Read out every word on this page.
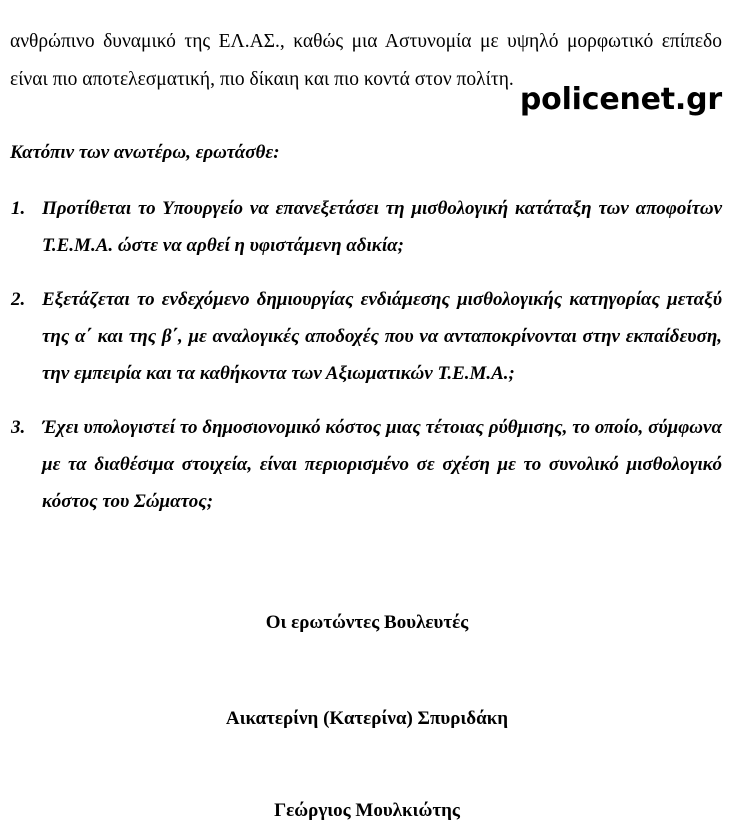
ανθρώπινο δυναμικό της ΕΛ.ΑΣ., καθώς μια Αστυνομία με υψηλό μορφωτικό επίπεδο είναι πιο αποτελεσματική, πιο δίκαιη και πιο κοντά στον πολίτη.

policenet.gr
Κατόπιν των ανωτέρω, ερωτάσθε:
1. Προτίθεται το Υπουργείο να επανεξετάσει τη μισθολογική κατάταξη των αποφοίτων Τ.Ε.Μ.Α. ώστε να αρθεί η υφιστάμενη αδικία;
2. Εξετάζεται το ενδεχόμενο δημιουργίας ενδιάμεσης μισθολογικής κατηγορίας μεταξύ της α΄ και της β΄, με αναλογικές αποδοχές που να ανταποκρίνονται στην εκπαίδευση, την εμπειρία και τα καθήκοντα των Αξιωματικών Τ.Ε.Μ.Α.;
3. Έχει υπολογιστεί το δημοσιονομικό κόστος μιας τέτοιας ρύθμισης, το οποίο, σύμφωνα με τα διαθέσιμα στοιχεία, είναι περιορισμένο σε σχέση με το συνολικό μισθολογικό κόστος του Σώματος;
Οι ερωτώντες Βουλευτές
Αικατερίνη (Κατερίνα) Σπυριδάκη
Γεώργιος Μουλκιώτης
